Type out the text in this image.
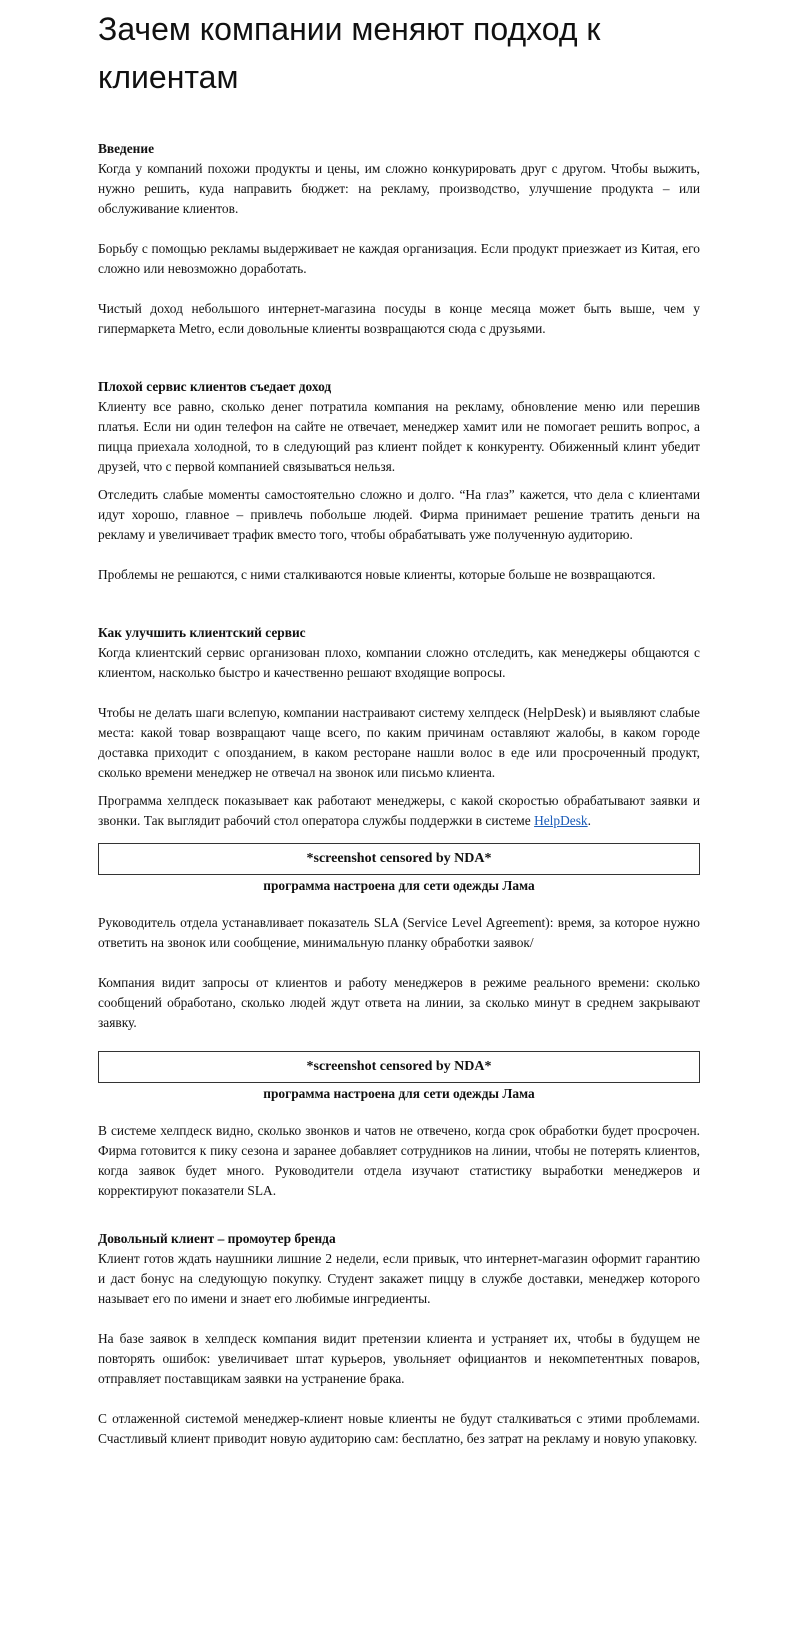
Зачем компании меняют подход к клиентам
Введение

Когда у компаний похожи продукты и цены, им сложно конкурировать друг с другом. Чтобы выжить, нужно решить, куда направить бюджет: на рекламу, производство, улучшение продукта – или обслуживание клиентов.

Борьбу с помощью рекламы выдерживает не каждая организация. Если продукт приезжает из Китая, его сложно или невозможно доработать.

Чистый доход небольшого интернет-магазина посуды в конце месяца может быть выше, чем у гипермаркета Metro, если довольные клиенты возвращаются сюда с друзьями.

Плохой сервис клиентов съедает доход

Клиенту все равно, сколько денег потратила компания на рекламу, обновление меню или перешив платья. Если ни один телефон на сайте не отвечает, менеджер хамит или не помогает решить вопрос, а пицца приехала холодной, то в следующий раз клиент пойдет к конкуренту. Обиженный клинт убедит друзей, что с первой компанией связываться нельзя.

Отследить слабые моменты самостоятельно сложно и долго. “На глаз” кажется, что дела с клиентами идут хорошо, главное – привлечь побольше людей. Фирма принимает решение тратить деньги на рекламу и увеличивает трафик вместо того, чтобы обрабатывать уже полученную аудиторию.

Проблемы не решаются, с ними сталкиваются новые клиенты, которые больше не возвращаются.

Как улучшить клиентский сервис

Когда клиентский сервис организован плохо, компании сложно отследить, как менеджеры общаются с клиентом, насколько быстро и качественно решают входящие вопросы.

Чтобы не делать шаги вслепую, компании настраивают систему хелпдеск (HelpDesk) и выявляют слабые места: какой товар возвращают чаще всего, по каким причинам оставляют жалобы, в каком городе доставка приходит с опозданием, в каком ресторане нашли волос в еде или просроченный продукт, сколько времени менеджер не отвечал на звонок или письмо клиента.

Программа хелпдеск показывает как работают менеджеры, с какой скоростью обрабатывают заявки и звонки. Так выглядит рабочий стол оператора службы поддержки в системе HelpDesk.

*screenshot censored by NDA*

программа настроена для сети одежды Лама

Руководитель отдела устанавливает показатель SLA (Service Level Agreement): время, за которое нужно ответить на звонок или сообщение, минимальную планку обработки заявок/

Компания видит запросы от клиентов и работу менеджеров в режиме реального времени: сколько сообщений обработано, сколько людей ждут ответа на линии, за сколько минут в среднем закрывают заявку.

*screenshot censored by NDA*

программа настроена для сети одежды Лама

В системе хелпдеск видно, сколько звонков и чатов не отвечено, когда срок обработки будет просрочен. Фирма готовится к пику сезона и заранее добавляет сотрудников на линии, чтобы не потерять клиентов, когда заявок будет много. Руководители отдела изучают статистику выработки менеджеров и корректируют показатели SLA.

Довольный клиент – промоутер бренда

Клиент готов ждать наушники лишние 2 недели, если привык, что интернет-магазин оформит гарантию и даст бонус на следующую покупку. Студент закажет пиццу в службе доставки, менеджер которого называет его по имени и знает его любимые ингредиенты.

На базе заявок в хелпдеск компания видит претензии клиента и устраняет их, чтобы в будущем не повторять ошибок: увеличивает штат курьеров, увольняет официантов и некомпетентных поваров, отправляет поставщикам заявки на устранение брака.

С отлаженной системой менеджер-клиент новые клиенты не будут сталкиваться с этими проблемами. Счастливый клиент приводит новую аудиторию сам: бесплатно, без затрат на рекламу и новую упаковку.
